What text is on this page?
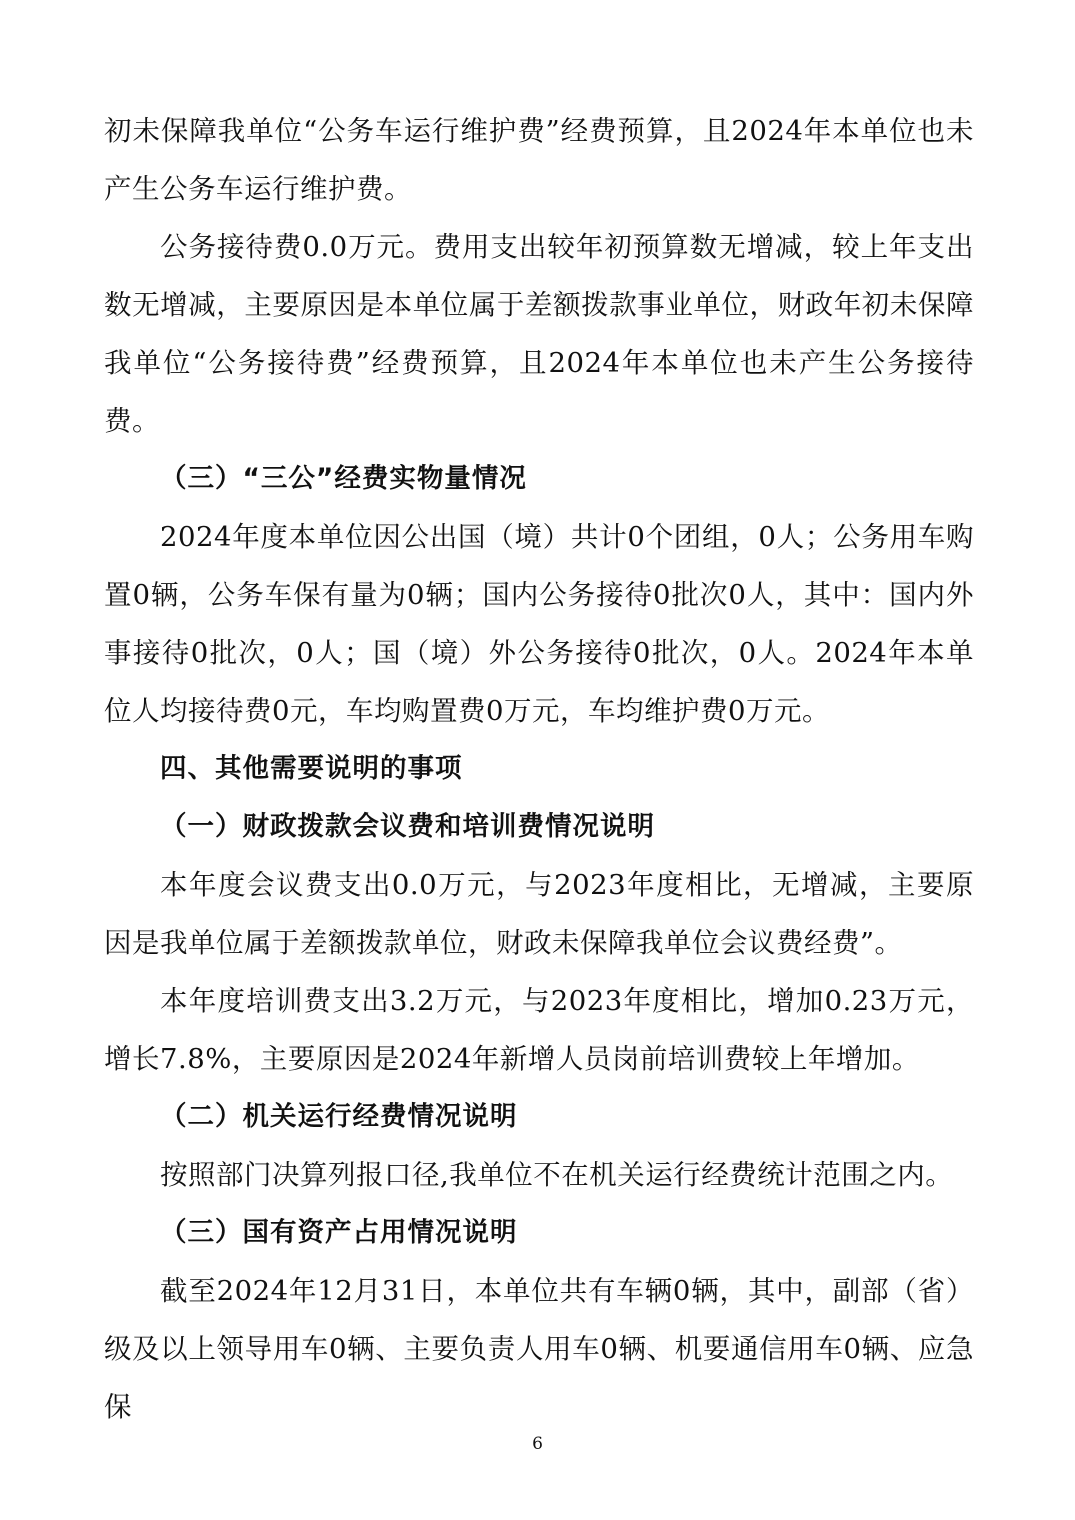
初未保障我单位“公务车运行维护费”经费预算，且2024年本单位也未产生公务车运行维护费。

公务接待费0.0万元。费用支出较年初预算数无增减，较上年支出数无增减，主要原因是本单位属于差额拨款事业单位，财政年初未保障我单位“公务接待费”经费预算，且2024年本单位也未产生公务接待费。

（三）“三公”经费实物量情况

2024年度本单位因公出国（境）共计0个团组，0人；公务用车购置0辆，公务车保有量为0辆；国内公务接待0批次0人，其中：国内外事接待0批次，0人；国（境）外公务接待0批次，0人。2024年本单位人均接待费0元，车均购置费0万元，车均维护费0万元。

四、其他需要说明的事项

（一）财政拨款会议费和培训费情况说明

本年度会议费支出0.0万元，与2023年度相比，无增减，主要原因是我单位属于差额拨款单位，财政未保障我单位会议费经费”。

本年度培训费支出3.2万元，与2023年度相比，增加0.23万元，增长7.8%，主要原因是2024年新增人员岗前培训费较上年增加。

（二）机关运行经费情况说明

按照部门决算列报口径,我单位不在机关运行经费统计范围之内。

（三）国有资产占用情况说明

截至2024年12月31日，本单位共有车辆0辆，其中，副部（省）级及以上领导用车0辆、主要负责人用车0辆、机要通信用车0辆、应急保

6
